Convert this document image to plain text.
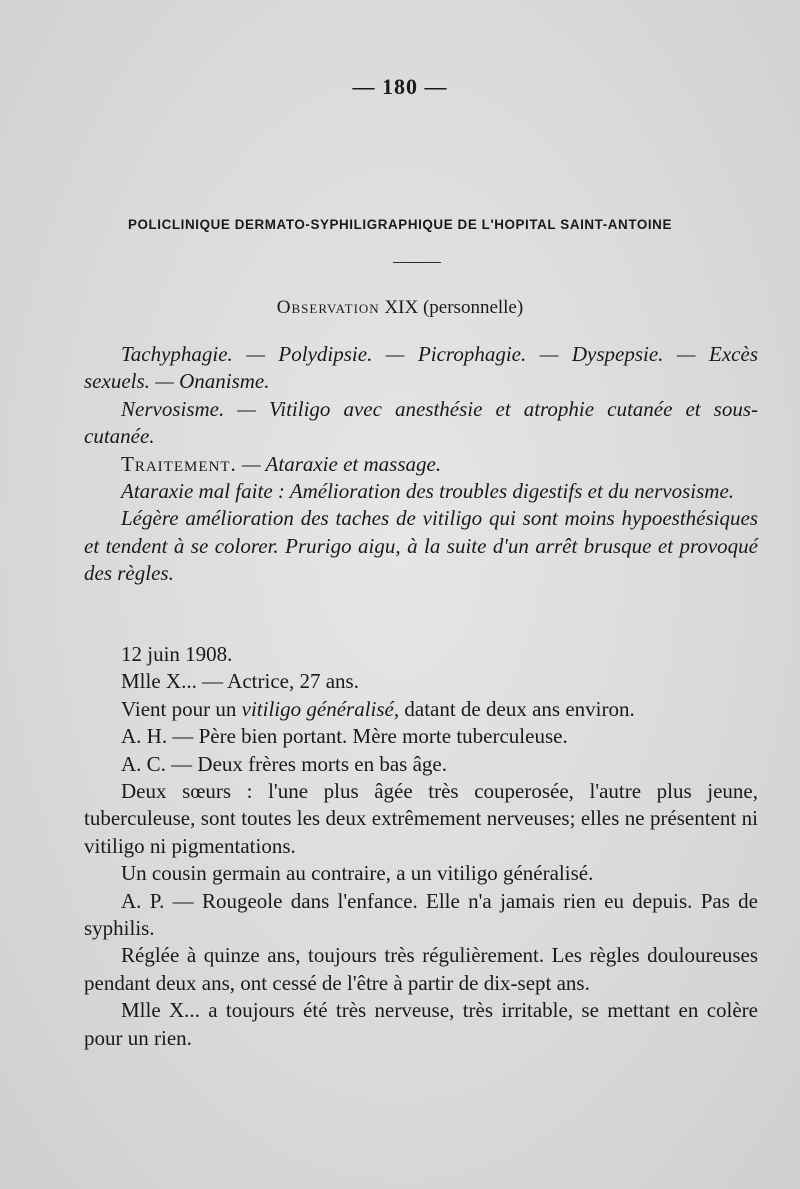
— 180 —
POLICLINIQUE DERMATO-SYPHILIGRAPHIQUE DE L'HOPITAL SAINT-ANTOINE
Observation XIX (personnelle)

Tachyphagie. — Polydipsie. — Picrophagie. — Dyspepsie. — Excès sexuels. — Onanisme.

Nervosisme. — Vitiligo avec anesthésie et atrophie cutanée et sous-cutanée.

Traitement. — Ataraxie et massage.

Ataraxie mal faite : Amélioration des troubles digestifs et du nervosisme.

Légère amélioration des taches de vitiligo qui sont moins hypoesthésiques et tendent à se colorer. Prurigo aigu, à la suite d'un arrêt brusque et provoqué des règles.

12 juin 1908.

Mlle X... — Actrice, 27 ans.

Vient pour un vitiligo généralisé, datant de deux ans environ.

A. H. — Père bien portant. Mère morte tuberculeuse.

A. C. — Deux frères morts en bas âge.

Deux sœurs : l'une plus âgée très couperosée, l'autre plus jeune, tuberculeuse, sont toutes les deux extrêmement nerveuses; elles ne présentent ni vitiligo ni pigmentations.

Un cousin germain au contraire, a un vitiligo généralisé.

A. P. — Rougeole dans l'enfance. Elle n'a jamais rien eu depuis. Pas de syphilis.

Réglée à quinze ans, toujours très régulièrement. Les règles douloureuses pendant deux ans, ont cessé de l'être à partir de dix-sept ans.

Mlle X... a toujours été très nerveuse, très irritable, se mettant en colère pour un rien.
